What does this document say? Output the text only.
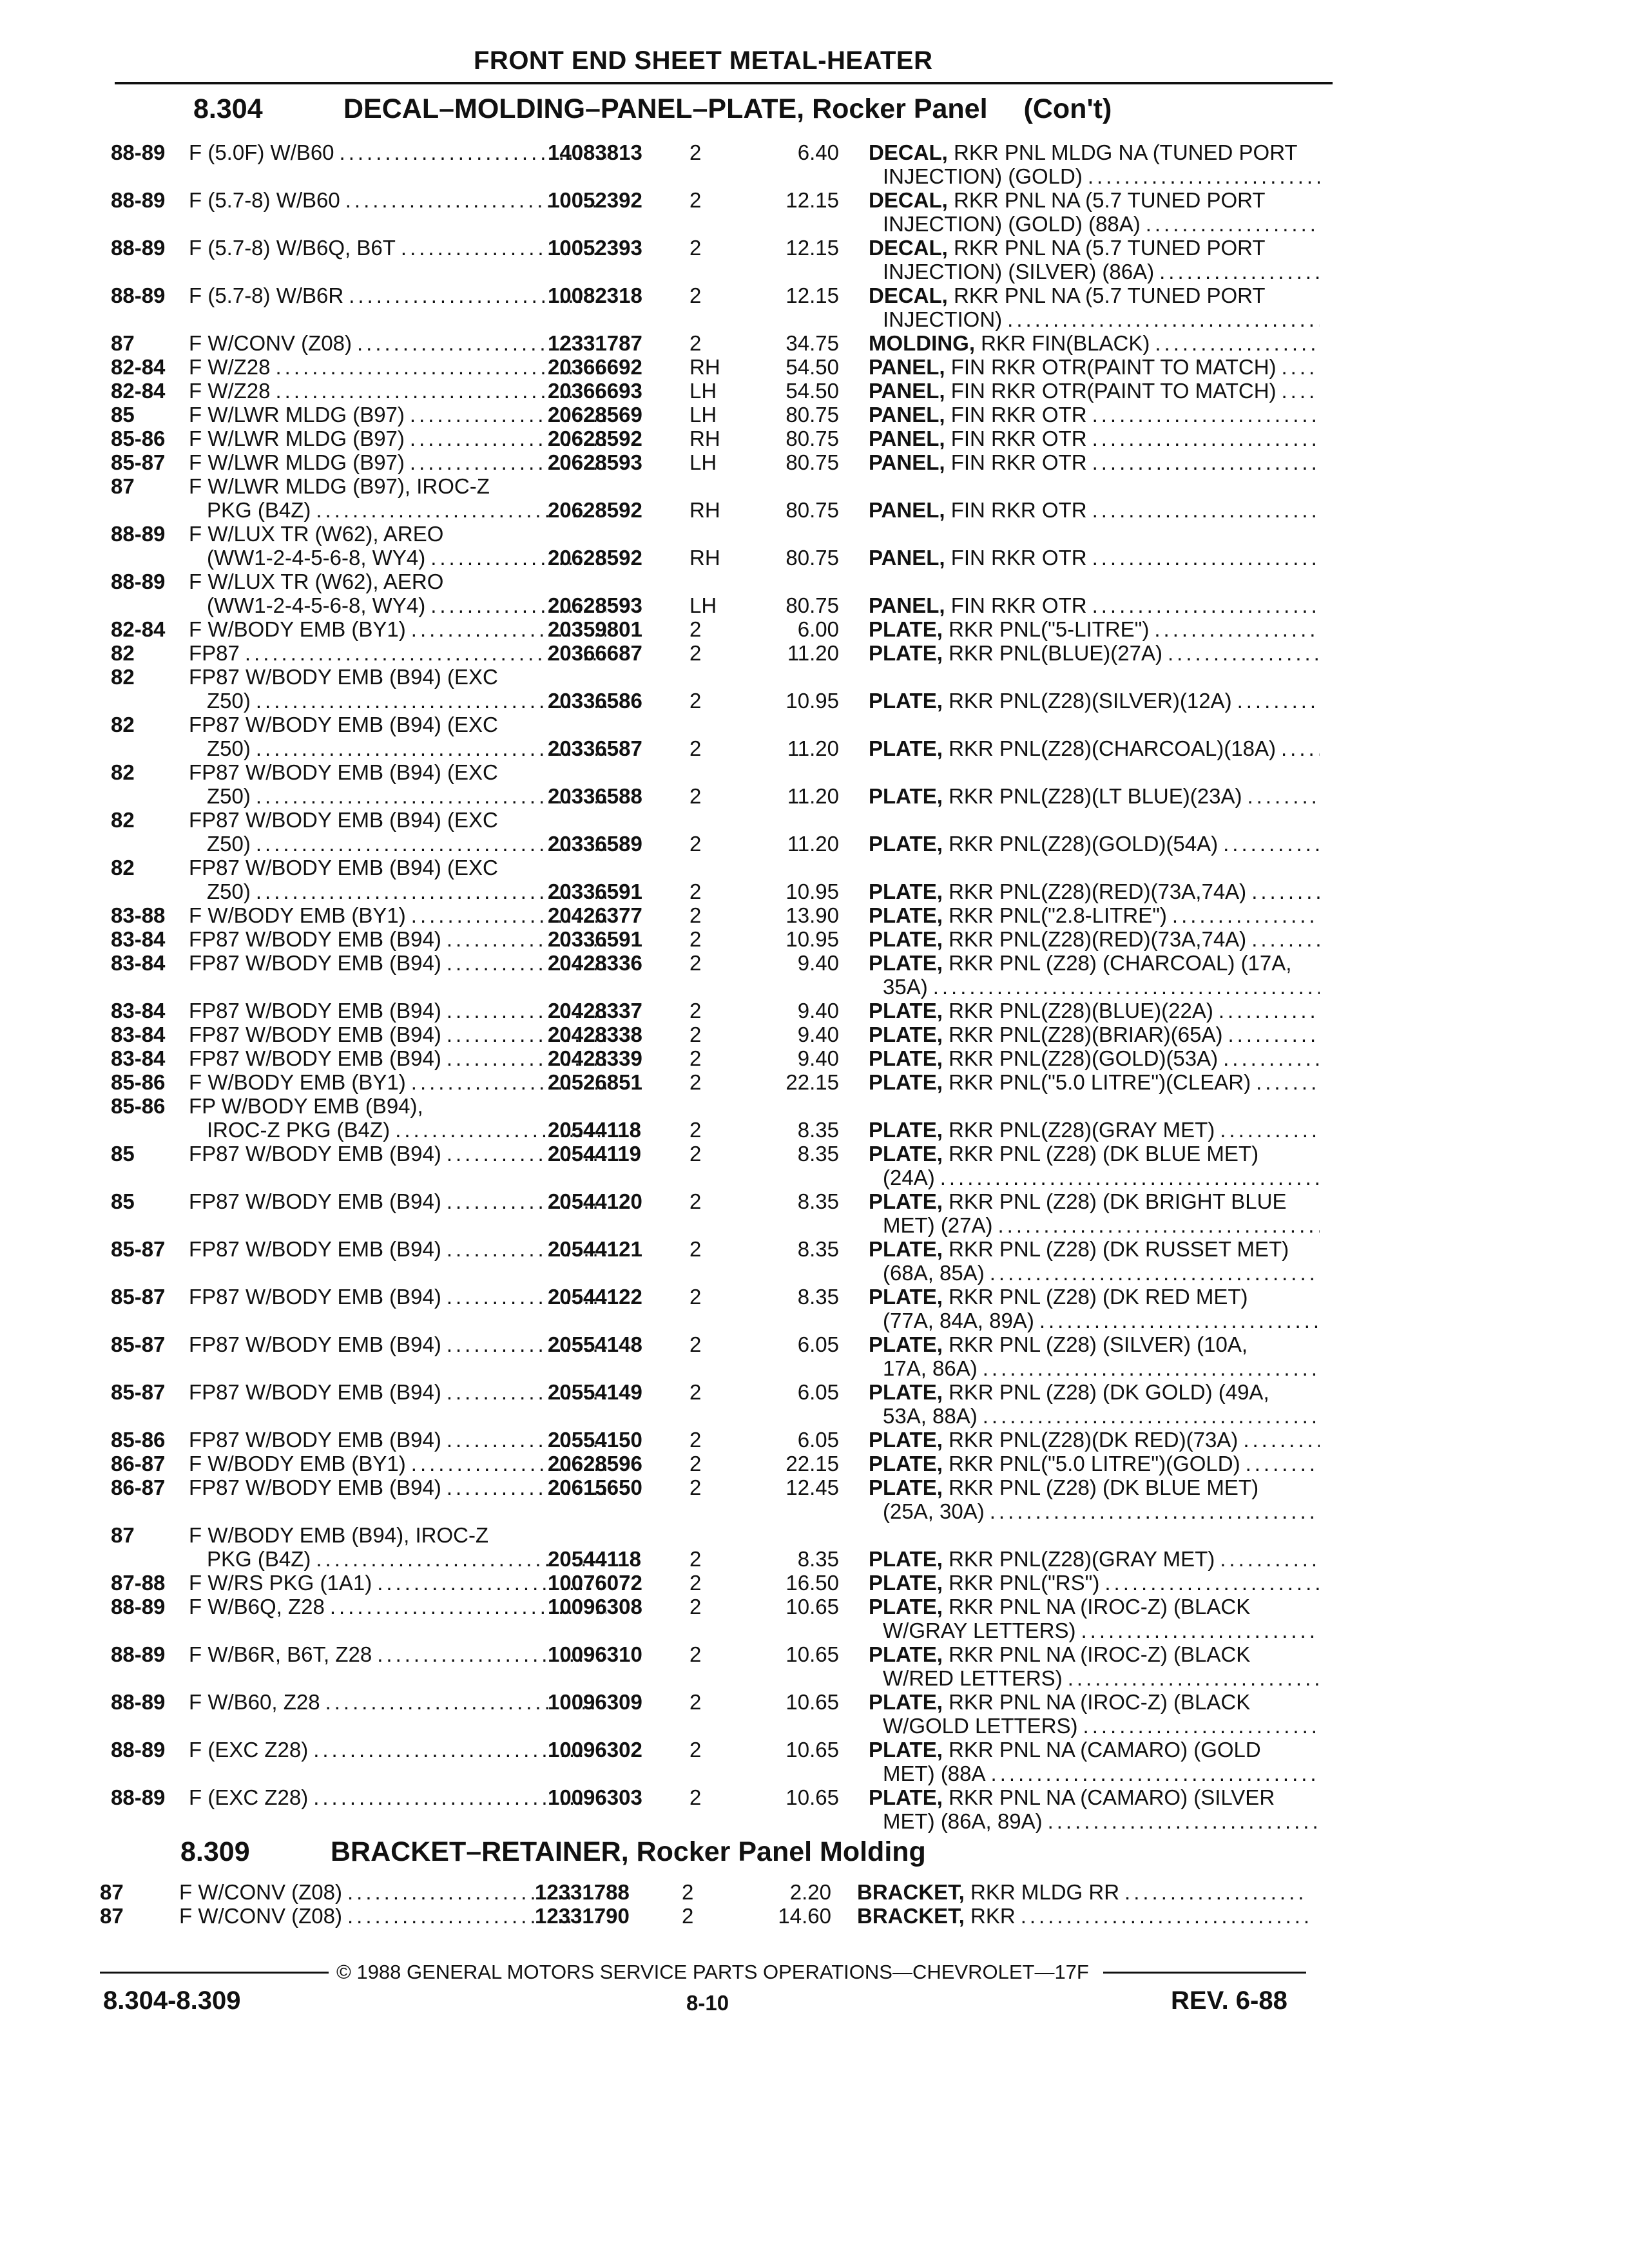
FRONT END SHEET METAL-HEATER
8.304	DECAL–MOLDING–PANEL–PLATE, Rocker Panel (Con't)
88-89	F (5.0F) W/B60 .....	14083813	2	6.40 DECAL, RKR PNL MLDG NA (TUNED PORT
INJECTION) (GOLD)
.....
88-89	F (5.7-8) W/B60 .....	10052392	2	12.15 DECAL, RKR PNL NA (5.7 TUNED PORT
INJECTION) (GOLD) (88A)
.....
88-89	F (5.7-8) W/B6Q, B6T .....	10052393	2	12.15 DECAL, RKR PNL NA (5.7 TUNED PORT
INJECTION) (SILVER) (86A)
.....
88-89	F (5.7-8) W/B6R .....	10082318	2	12.15 DECAL, RKR PNL NA (5.7 TUNED PORT
INJECTION)
.....
87	F W/CONV (Z08) .....	12331787	2	34.75 MOLDING, RKR FIN(BLACK)
.....
82-84	F W/Z28 .....	20366692	RH	54.50 PANEL, FIN RKR OTR(PAINT TO MATCH)
.....
82-84	F W/Z28 .....	20366693	LH	54.50 PANEL, FIN RKR OTR(PAINT TO MATCH)
.....
85	F W/LWR MLDG (B97) .....	20628569	LH	80.75 PANEL, FIN RKR OTR
.....
85-86	F W/LWR MLDG (B97) .....	20628592	RH	80.75 PANEL, FIN RKR OTR
.....
85-87	F W/LWR MLDG (B97) .....	20628593	LH	80.75 PANEL, FIN RKR OTR
.....
87	F W/LWR MLDG (B97), IROC-Z
PKG (B4Z) .....	20628592	RH	80.75 PANEL, FIN RKR OTR
.....
88-89	F W/LUX TR (W62), AREO
(WW1-2-4-5-6-8, WY4) .....	20628592	RH	80.75 PANEL, FIN RKR OTR
.....
88-89	F W/LUX TR (W62), AERO
(WW1-2-4-5-6-8, WY4) .....	20628593	LH	80.75 PANEL, FIN RKR OTR
.....
82-84	F W/BODY EMB (BY1) .....	20359801	2	6.00 PLATE, RKR PNL("5-LITRE")
.....
82	FP87 .....	20366687	2	11.20 PLATE, RKR PNL(BLUE)(27A)
.....
82	FP87 W/BODY EMB (B94) (EXC
Z50) .....	20336586	2	10.95 PLATE, RKR PNL(Z28)(SILVER)(12A)
.....
82	FP87 W/BODY EMB (B94) (EXC
Z50) .....	20336587	2	11.20 PLATE, RKR PNL(Z28)(CHARCOAL)(18A)
.....
82	FP87 W/BODY EMB (B94) (EXC
Z50) .....	20336588	2	11.20 PLATE, RKR PNL(Z28)(LT BLUE)(23A)
.....
82	FP87 W/BODY EMB (B94) (EXC
Z50) .....	20336589	2	11.20 PLATE, RKR PNL(Z28)(GOLD)(54A)
.....
82	FP87 W/BODY EMB (B94) (EXC
Z50) .....	20336591	2	10.95 PLATE, RKR PNL(Z28)(RED)(73A,74A)
.....
83-88	F W/BODY EMB (BY1) .....	20426377	2	13.90 PLATE, RKR PNL("2.8-LITRE")
.....
83-84	FP87 W/BODY EMB (B94) .....	20336591	2	10.95 PLATE, RKR PNL(Z28)(RED)(73A,74A)
.....
83-84	FP87 W/BODY EMB (B94) .....	20428336	2	9.40 PLATE, RKR PNL (Z28) (CHARCOAL) (17A,
35A)
.....
83-84	FP87 W/BODY EMB (B94) .....	20428337	2	9.40 PLATE, RKR PNL(Z28)(BLUE)(22A)
.....
83-84	FP87 W/BODY EMB (B94) .....	20428338	2	9.40 PLATE, RKR PNL(Z28)(BRIAR)(65A)
.....
83-84	FP87 W/BODY EMB (B94) .....	20428339	2	9.40 PLATE, RKR PNL(Z28)(GOLD)(53A)
.....
85-86	F W/BODY EMB (BY1) .....	20526851	2	22.15 PLATE, RKR PNL("5.0 LITRE")(CLEAR)
.....
85-86	FP W/BODY EMB (B94),
IROC-Z PKG (B4Z) .....	20544118	2	8.35 PLATE, RKR PNL(Z28)(GRAY MET)
.....
85	FP87 W/BODY EMB (B94) .....	20544119	2	8.35 PLATE, RKR PNL (Z28) (DK BLUE MET)
(24A)
.....
85	FP87 W/BODY EMB (B94) .....	20544120	2	8.35 PLATE, RKR PNL (Z28) (DK BRIGHT BLUE
MET) (27A)
.....
85-87	FP87 W/BODY EMB (B94) .....	20544121	2	8.35 PLATE, RKR PNL (Z28) (DK RUSSET MET)
(68A, 85A)
.....
85-87	FP87 W/BODY EMB (B94) .....	20544122	2	8.35 PLATE, RKR PNL (Z28) (DK RED MET)
(77A, 84A, 89A)
.....
85-87	FP87 W/BODY EMB (B94) .....	20554148	2	6.05 PLATE, RKR PNL (Z28) (SILVER) (10A,
17A, 86A)
.....
85-87	FP87 W/BODY EMB (B94) .....	20554149	2	6.05 PLATE, RKR PNL (Z28) (DK GOLD) (49A,
53A, 88A)
.....
85-86	FP87 W/BODY EMB (B94) .....	20554150	2	6.05 PLATE, RKR PNL(Z28)(DK RED)(73A)
.....
86-87	F W/BODY EMB (BY1) .....	20628596	2	22.15 PLATE, RKR PNL("5.0 LITRE")(GOLD)
.....
86-87	FP87 W/BODY EMB (B94) .....	20615650	2	12.45 PLATE, RKR PNL (Z28) (DK BLUE MET)
(25A, 30A)
.....
87	F W/BODY EMB (B94), IROC-Z
PKG (B4Z) .....	20544118	2	8.35 PLATE, RKR PNL(Z28)(GRAY MET)
.....
87-88	F W/RS PKG (1A1) .....	10076072	2	16.50 PLATE, RKR PNL("RS")
.....
88-89	F W/B6Q, Z28 .....	10096308	2	10.65 PLATE, RKR PNL NA (IROC-Z) (BLACK
W/GRAY LETTERS)
.....
88-89	F W/B6R, B6T, Z28 .....	10096310	2	10.65 PLATE, RKR PNL NA (IROC-Z) (BLACK
W/RED LETTERS)
.....
88-89	F W/B60, Z28 .....	10096309	2	10.65 PLATE, RKR PNL NA (IROC-Z) (BLACK
W/GOLD LETTERS)
.....
88-89	F (EXC Z28) .....	10096302	2	10.65 PLATE, RKR PNL NA (CAMARO) (GOLD
MET) (88A
.....
88-89	F (EXC Z28) .....	10096303	2	10.65 PLATE, RKR PNL NA (CAMARO) (SILVER
MET) (86A, 89A)
.....
8.309	BRACKET–RETAINER, Rocker Panel Molding
87	F W/CONV (Z08) .....	12331788	2	2.20 BRACKET, RKR MLDG RR
.....
87	F W/CONV (Z08) .....	12331790	2	14.60 BRACKET, RKR
.....
© 1988 GENERAL MOTORS SERVICE PARTS OPERATIONS—CHEVROLET—17F
8.304-8.309	8-10	REV. 6-88
